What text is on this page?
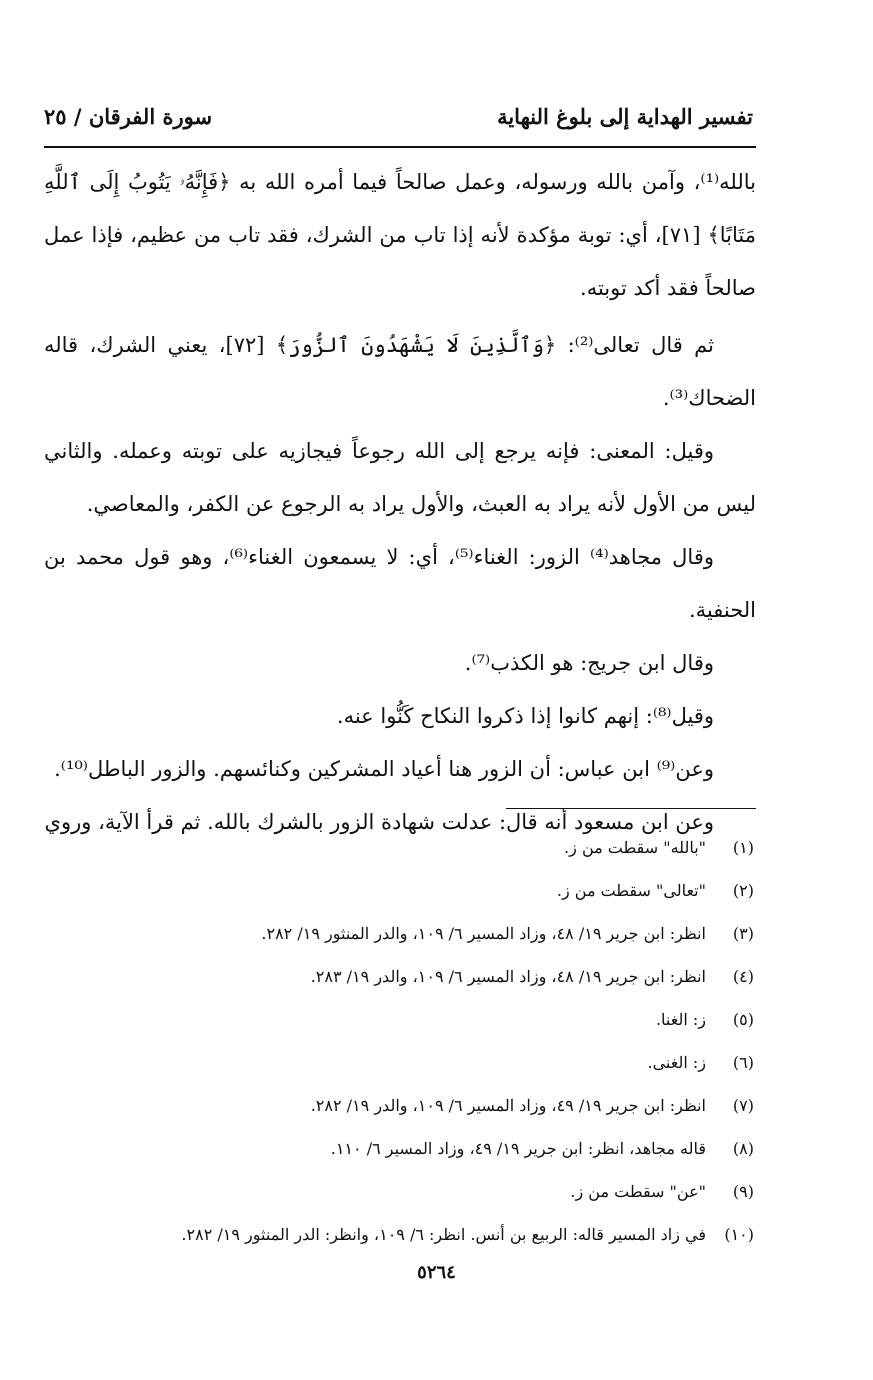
تفسير الهداية إلى بلوغ النهاية
سورة الفرقان / ٢٥

بالله⁽¹⁾، وآمن بالله ورسوله، وعمل صالحاً فيما أمره الله به ﴿فَإِنَّهُۥ يَتُوبُ إِلَى ٱللَّهِ مَتَابًا﴾ [٧١]، أي: توبة مؤكدة لأنه إذا تاب من الشرك، فقد تاب من عظيم، فإذا عمل صالحاً فقد أكد توبته.

ثم قال تعالى⁽²⁾: ﴿وَٱلَّذِينَ لَا يَشْهَدُونَ ٱلزُّورَ﴾ [٧٢]، يعني الشرك، قاله الضحاك⁽³⁾.

وقيل: المعنى: فإنه يرجع إلى الله رجوعاً فيجازيه على توبته وعمله. والثاني ليس من الأول لأنه يراد به العبث، والأول يراد به الرجوع عن الكفر، والمعاصي.

وقال مجاهد⁽⁴⁾ الزور: الغناء⁽⁵⁾، أي: لا يسمعون الغناء⁽⁶⁾، وهو قول محمد بن الحنفية.

وقال ابن جريج: هو الكذب⁽⁷⁾.

وقيل⁽⁸⁾: إنهم كانوا إذا ذكروا النكاح كَنُّوا عنه.

وعن⁽⁹⁾ ابن عباس: أن الزور هنا أعياد المشركين وكنائسهم. والزور الباطل⁽¹⁰⁾.

وعن ابن مسعود أنه قال: عدلت شهادة الزور بالشرك بالله. ثم قرأ الآية، وروي

(١)
"بالله" سقطت من ز.
(٢)
"تعالى" سقطت من ز.
(٣)
انظر: ابن جرير ١٩/ ٤٨، وزاد المسير ٦/ ١٠٩، والدر المنثور ١٩/ ٢٨٢.
(٤)
انظر: ابن جرير ١٩/ ٤٨، وزاد المسير ٦/ ١٠٩، والدر ١٩/ ٢٨٣.
(٥)
ز: الغنا.
(٦)
ز: الغنى.
(٧)
انظر: ابن جرير ١٩/ ٤٩، وزاد المسير ٦/ ١٠٩، والدر ١٩/ ٢٨٢.
(٨)
قاله مجاهد، انظر: ابن جرير ١٩/ ٤٩، وزاد المسير ٦/ ١١٠.
(٩)
"عن" سقطت من ز.
(١٠)
في زاد المسير قاله: الربيع بن أنس. انظر: ٦/ ١٠٩، وانظر: الدر المنثور ١٩/ ٢٨٢.
٥٢٦٤
